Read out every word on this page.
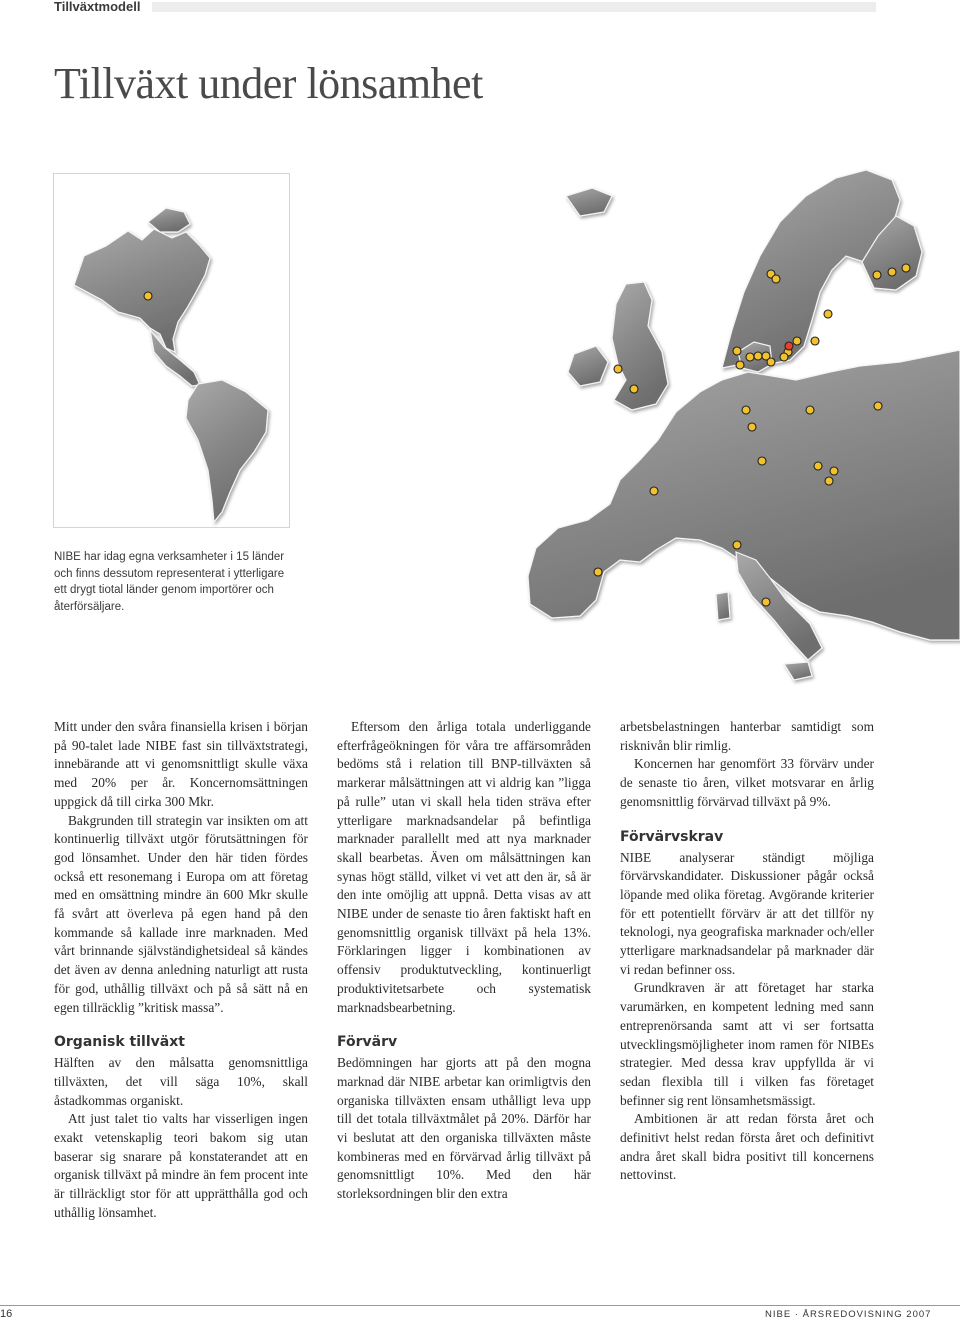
Tillväxtmodell
Tillväxt under lönsamhet
NIBE har idag egna verksamheter i 15 länder och finns dessutom representerat i ytterligare ett drygt tiotal länder genom importörer och återförsäljare.

Mitt under den svåra finansiella krisen i början på 90-talet lade NIBE fast sin tillväxtstrategi, innebärande att vi genomsnittligt skulle växa med 20% per år. Koncernomsättningen uppgick då till cirka 300 Mkr.

Bakgrunden till strategin var insikten om att kontinuerlig tillväxt utgör förutsättningen för god lönsamhet. Under den här tiden fördes också ett resonemang i Europa om att företag med en omsättning mindre än 600 Mkr skulle få svårt att överleva på egen hand på den kommande så kallade inre marknaden. Med vårt brinnande självständighetsideal så kändes det även av denna anledning naturligt att rusta för god, uthållig tillväxt och på så sätt nå en egen tillräcklig ”kritisk massa”.

Organisk tillväxt

Hälften av den målsatta genomsnittliga tillväxten, det vill säga 10%, skall åstadkommas organiskt.

Att just talet tio valts har visserligen ingen exakt vetenskaplig teori bakom sig utan baserar sig snarare på konstaterandet att en organisk tillväxt på mindre än fem procent inte är tillräckligt stor för att upprätthålla god och uthållig lönsamhet.

Eftersom den årliga totala underliggande efterfrågeökningen för våra tre affärsområden bedöms stå i relation till BNP-tillväxten så markerar målsättningen att vi aldrig kan ”ligga på rulle” utan vi skall hela tiden sträva efter ytterligare marknadsandelar på befintliga marknader parallellt med att nya marknader skall bearbetas. Även om målsättningen kan synas högt ställd, vilket vi vet att den är, så är den inte omöjlig att uppnå. Detta visas av att NIBE under de senaste tio åren faktiskt haft en genomsnittlig organisk tillväxt på hela 13%. Förklaringen ligger i kombinationen av offensiv produktutveckling, kontinuerligt produktivitetsarbete och systematisk marknadsbearbetning.

Förvärv

Bedömningen har gjorts att på den mogna marknad där NIBE arbetar kan orimligtvis den organiska tillväxten ensam uthålligt leva upp till det totala tillväxtmålet på 20%. Därför har vi beslutat att den organiska tillväxten måste kombineras med en förvärvad årlig tillväxt på genomsnittligt 10%. Med den här storleksordningen blir den extra

arbetsbelastningen hanterbar samtidigt som risknivån blir rimlig.

Koncernen har genomfört 33 förvärv under de senaste tio åren, vilket motsvarar en årlig genomsnittlig förvärvad tillväxt på 9%.

Förvärvskrav

NIBE analyserar ständigt möjliga förvärvskandidater. Diskussioner pågår också löpande med olika företag. Avgörande kriterier för ett potentiellt förvärv är att det tillför ny teknologi, nya geografiska marknader och/eller ytterligare marknadsandelar på marknader där vi redan befinner oss.

Grundkraven är att företaget har starka varumärken, en kompetent ledning med sann entreprenörsanda samt att vi ser fortsatta utvecklingsmöjligheter inom ramen för NIBEs strategier. Med dessa krav uppfyllda är vi sedan flexibla till i vilken fas företaget befinner sig rent lönsamhetsmässigt.

Ambitionen är att redan första året och definitivt helst redan första året och definitivt andra året skall bidra positivt till koncernens nettovinst.

16	NIBE · ÅRSREDOVISNING 2007
